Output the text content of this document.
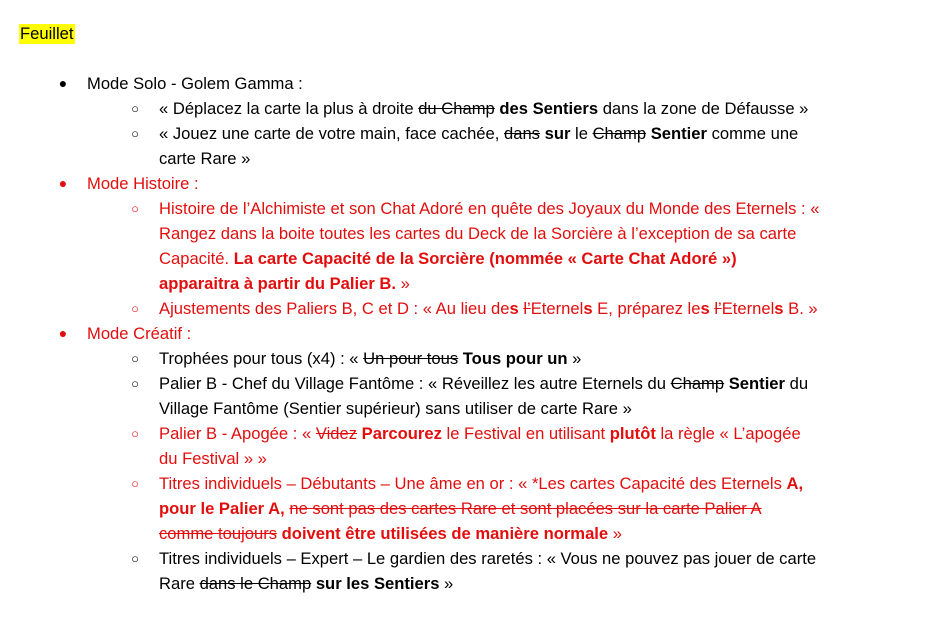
Feuillet
●	Mode Solo - Golem Gamma :
○	« Déplacez la carte la plus à droite du Champ des Sentiers dans la zone de Défausse »
○	« Jouez une carte de votre main, face cachée, dans sur le Champ Sentier comme une
carte Rare »
●	Mode Histoire :
○	Histoire de l’Alchimiste et son Chat Adoré en quête des Joyaux du Monde des Eternels : «
Rangez dans la boite toutes les cartes du Deck de la Sorcière à l’exception de sa carte
Capacité. La carte Capacité de la Sorcière (nommée « Carte Chat Adoré »)
apparaitra à partir du Palier B. »
○	Ajustements des Paliers B, C et D : « Au lieu des l’Eternels E, préparez les l’Eternels B. »
●	Mode Créatif :
○	Trophées pour tous (x4) : « Un pour tous Tous pour un »
○	Palier B - Chef du Village Fantôme : « Réveillez les autre Eternels du Champ Sentier du
Village Fantôme (Sentier supérieur) sans utiliser de carte Rare »
○	Palier B - Apogée : « Videz Parcourez le Festival en utilisant plutôt la règle « L’apogée
du Festival » »
○	Titres individuels – Débutants – Une âme en or : « *Les cartes Capacité des Eternels A,
pour le Palier A, ne sont pas des cartes Rare et sont placées sur la carte Palier A
comme toujours doivent être utilisées de manière normale »
○	Titres individuels – Expert – Le gardien des raretés : « Vous ne pouvez pas jouer de carte
Rare dans le Champ sur les Sentiers »
